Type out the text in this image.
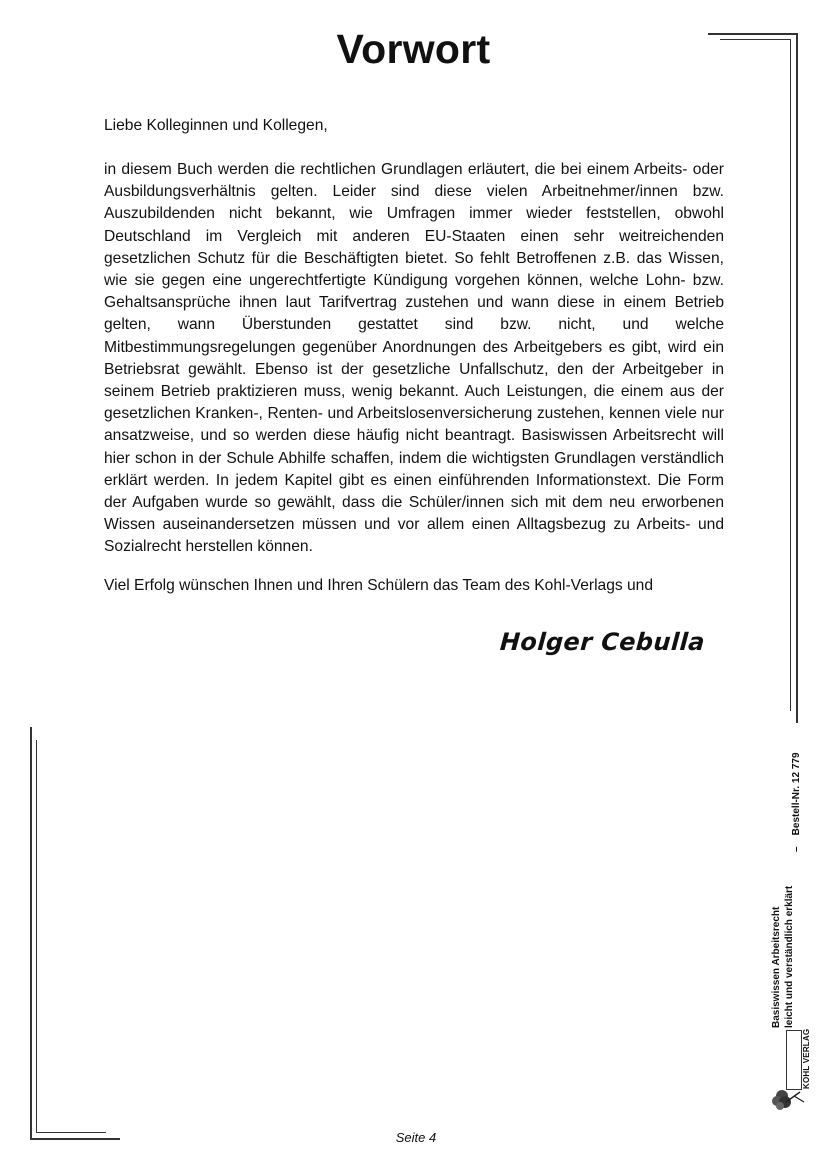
Vorwort
Liebe Kolleginnen und Kollegen,
in diesem Buch werden die rechtlichen Grundlagen erläutert, die bei einem Arbeits- oder Ausbildungsverhältnis gelten. Leider sind diese vielen Arbeitnehmer/innen bzw. Auszubildenden nicht bekannt, wie Umfragen immer wieder feststellen, obwohl Deutschland im Vergleich mit anderen EU-Staaten einen sehr weitreichenden gesetzlichen Schutz für die Beschäftigten bietet. So fehlt Betroffenen z.B. das Wissen, wie sie gegen eine ungerechtfertigte Kündigung vorgehen können, welche Lohn- bzw. Gehaltsansprüche ihnen laut Tarifvertrag zustehen und wann diese in einem Betrieb gelten, wann Überstunden gestattet sind bzw. nicht, und welche Mitbestimmungsregelungen gegenüber Anordnungen des Arbeitgebers es gibt, wird ein Betriebsrat gewählt. Ebenso ist der gesetzliche Unfallschutz, den der Arbeitgeber in seinem Betrieb praktizieren muss, wenig bekannt. Auch Leistungen, die einem aus der gesetzlichen Kranken-, Renten- und Arbeitslosenversicherung zustehen, kennen viele nur ansatzweise, und so werden diese häufig nicht beantragt. Basiswissen Arbeitsrecht will hier schon in der Schule Abhilfe schaffen, indem die wichtigsten Grundlagen verständlich erklärt werden. In jedem Kapitel gibt es einen einführenden Informationstext. Die Form der Aufgaben wurde so gewählt, dass die Schüler/innen sich mit dem neu erworbenen Wissen auseinandersetzen müssen und vor allem einen Alltagsbezug zu Arbeits- und Sozialrecht herstellen können.
Viel Erfolg wünschen Ihnen und Ihren Schülern das Team des Kohl-Verlags und
Holger Cebulla
–    Bestell-Nr. 12 779
Basiswissen Arbeitsrecht leicht und verständlich erklärt
KOHL VERLAG
Seite 4
